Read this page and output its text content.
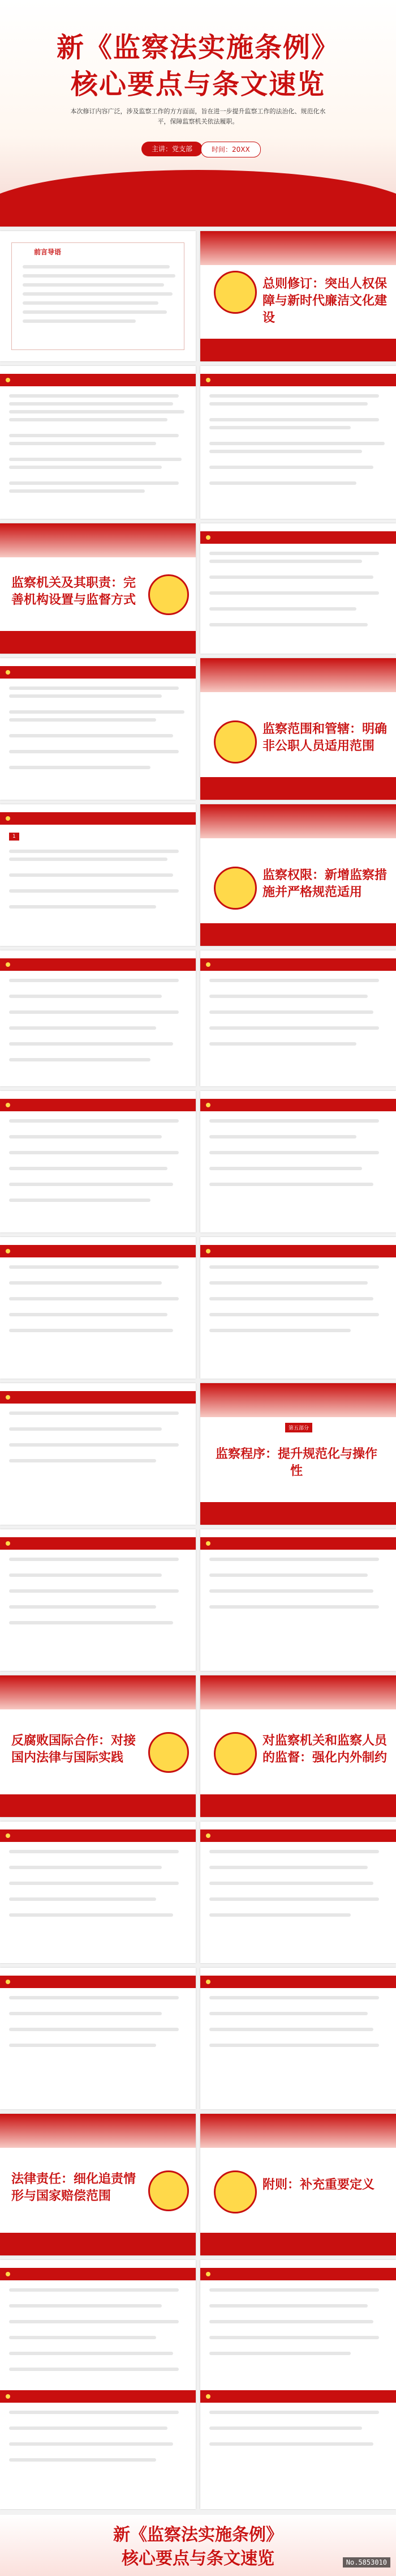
新《监察法实施条例》
核心要点与条文速览
本次修订内容广泛，涉及监察工作的方方面面，旨在进一步提升监察工作的法治化、规范化水平，保障监察机关依法履职。
主讲：党支部	时间：20XX
前言导语
总则修订：突出人权保障与新时代廉洁文化建设
监察机关及其职责：完善机构设置与监督方式
监察范围和管辖：明确非公职人员适用范围
1
监察权限：新增监察措施并严格规范适用
第五部分
监察程序：提升规范化与操作性
反腐败国际合作：对接国内法律与国际实践
对监察机关和监察人员的监督：强化内外制约
法律责任：细化追责情形与国家赔偿范围
附则：补充重要定义
新《监察法实施条例》
核心要点与条文速览	No.5853010
